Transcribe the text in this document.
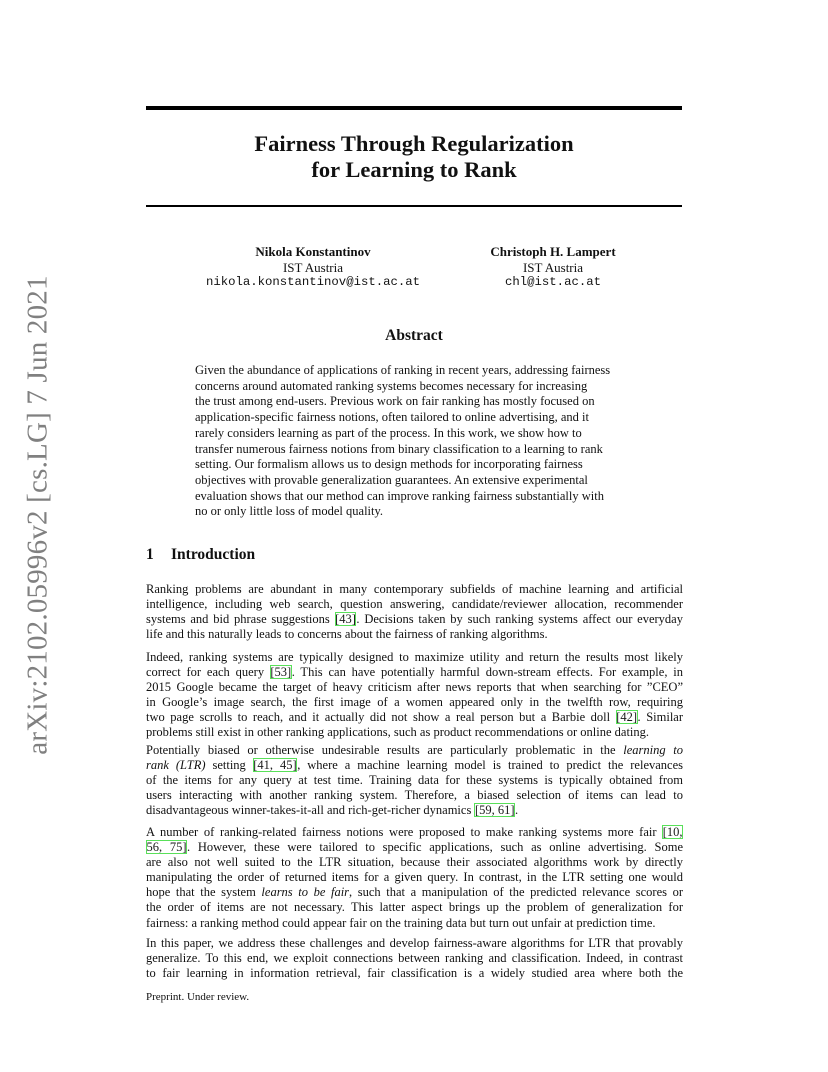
arXiv:2102.05996v2 [cs.LG] 7 Jun 2021
Fairness Through Regularization
for Learning to Rank
Nikola Konstantinov
IST Austria
nikola.konstantinov@ist.ac.at
Christoph H. Lampert
IST Austria
chl@ist.ac.at
Abstract
Given the abundance of applications of ranking in recent years, addressing fairness
concerns around automated ranking systems becomes necessary for increasing
the trust among end-users. Previous work on fair ranking has mostly focused on
application-specific fairness notions, often tailored to online advertising, and it
rarely considers learning as part of the process. In this work, we show how to
transfer numerous fairness notions from binary classification to a learning to rank
setting. Our formalism allows us to design methods for incorporating fairness
objectives with provable generalization guarantees. An extensive experimental
evaluation shows that our method can improve ranking fairness substantially with
no or only little loss of model quality.
1 Introduction

Ranking problems are abundant in many contemporary subfields of machine learning and artificial
intelligence, including web search, question answering, candidate/reviewer allocation, recommender
systems and bid phrase suggestions [43]. Decisions taken by such ranking systems affect our everyday
life and this naturally leads to concerns about the fairness of ranking algorithms.

Indeed, ranking systems are typically designed to maximize utility and return the results most likely
correct for each query [53]. This can have potentially harmful down-stream effects. For example, in
2015 Google became the target of heavy criticism after news reports that when searching for ”CEO”
in Google’s image search, the first image of a women appeared only in the twelfth row, requiring
two page scrolls to reach, and it actually did not show a real person but a Barbie doll [42]. Similar
problems still exist in other ranking applications, such as product recommendations or online dating.

Potentially biased or otherwise undesirable results are particularly problematic in the learning to
rank (LTR) setting [41, 45], where a machine learning model is trained to predict the relevances
of the items for any query at test time. Training data for these systems is typically obtained from
users interacting with another ranking system. Therefore, a biased selection of items can lead to
disadvantageous winner-takes-it-all and rich-get-richer dynamics [59, 61].

A number of ranking-related fairness notions were proposed to make ranking systems more fair [10,
56, 75]. However, these were tailored to specific applications, such as online advertising. Some
are also not well suited to the LTR situation, because their associated algorithms work by directly
manipulating the order of returned items for a given query. In contrast, in the LTR setting one would
hope that the system learns to be fair, such that a manipulation of the predicted relevance scores or
the order of items are not necessary. This latter aspect brings up the problem of generalization for
fairness: a ranking method could appear fair on the training data but turn out unfair at prediction time.

In this paper, we address these challenges and develop fairness-aware algorithms for LTR that provably
generalize. To this end, we exploit connections between ranking and classification. Indeed, in contrast
to fair learning in information retrieval, fair classification is a widely studied area where both the

Preprint. Under review.
